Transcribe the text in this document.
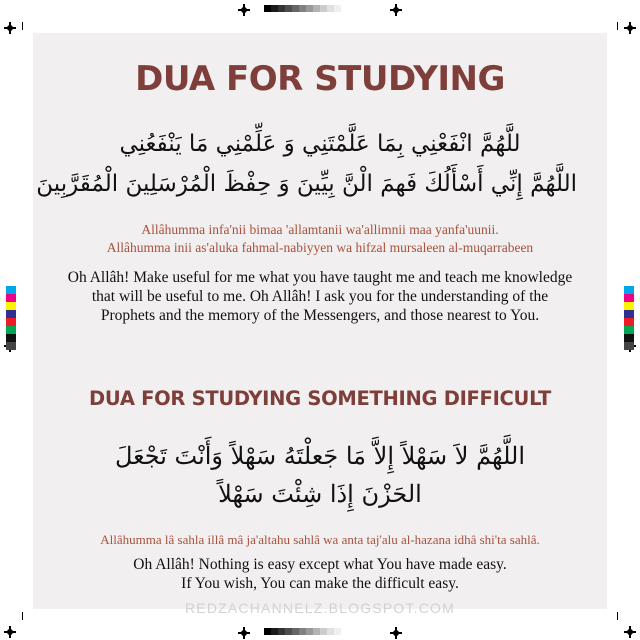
DUA FOR STUDYING
للَّهُمَّ انْفَعْنِي بِمَا عَلَّمْتَنِي وَ عَلِّمْنِي مَا يَنْفَعُنِي
اللَّهُمَّ إِنِّي أَسْأَلُكَ فَهمَ الْنَّ بِيِّينَ وَ حِفْظَ الْمُرْسَلِينَ الْمُقَرَّبِينَ
Allâhumma infa'nii bimaa 'allamtanii wa'allimnii maa yanfa'uunii.
Allâhumma inii as'aluka fahmal-nabiyyen wa hifzal mursaleen al-muqarrabeen
Oh Allâh! Make useful for me what you have taught me and teach me knowledge
that will be useful to me. Oh Allâh! I ask you for the understanding of the
Prophets and the memory of the Messengers, and those nearest to You.
DUA FOR STUDYING SOMETHING DIFFICULT
اللَّهُمَّ لاَ سَهْلاً إِلاَّ مَا جَعلْتَهُ سَهْلاً وَأَنْتَ تَجْعَلَ
الحَزْنَ إِذَا شِئْتَ سَهْلاً
Allâhumma lâ sahla illâ mâ ja'altahu sahlâ wa anta taj'alu al-hazana idhâ shi'ta sahlâ.
Oh Allâh! Nothing is easy except what You have made easy.
If You wish, You can make the difficult easy.
REDZACHANNELZ.BLOGSPOT.COM
